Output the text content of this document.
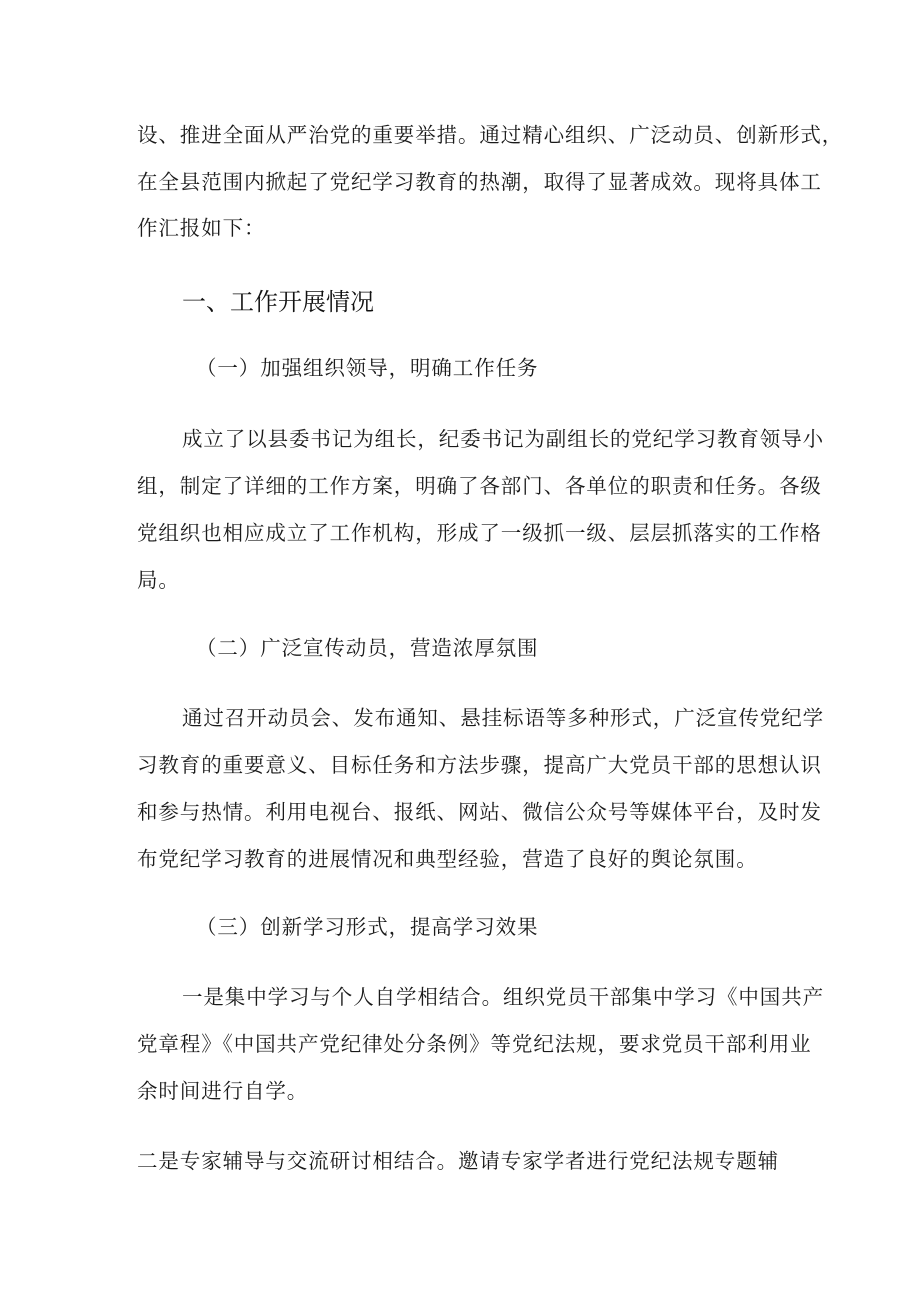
设、推进全面从严治党的重要举措。通过精心组织、广泛动员、创新形式，
在全县范围内掀起了党纪学习教育的热潮，取得了显著成效。现将具体工
作汇报如下：
一、工作开展情况
（一）加强组织领导，明确工作任务
成立了以县委书记为组长，纪委书记为副组长的党纪学习教育领导小
组，制定了详细的工作方案，明确了各部门、各单位的职责和任务。各级
党组织也相应成立了工作机构，形成了一级抓一级、层层抓落实的工作格
局。
（二）广泛宣传动员，营造浓厚氛围
通过召开动员会、发布通知、悬挂标语等多种形式，广泛宣传党纪学
习教育的重要意义、目标任务和方法步骤，提高广大党员干部的思想认识
和参与热情。利用电视台、报纸、网站、微信公众号等媒体平台，及时发
布党纪学习教育的进展情况和典型经验，营造了良好的舆论氛围。
（三）创新学习形式，提高学习效果
一是集中学习与个人自学相结合。组织党员干部集中学习《中国共产
党章程》《中国共产党纪律处分条例》等党纪法规，要求党员干部利用业
余时间进行自学。
二是专家辅导与交流研讨相结合。邀请专家学者进行党纪法规专题辅
